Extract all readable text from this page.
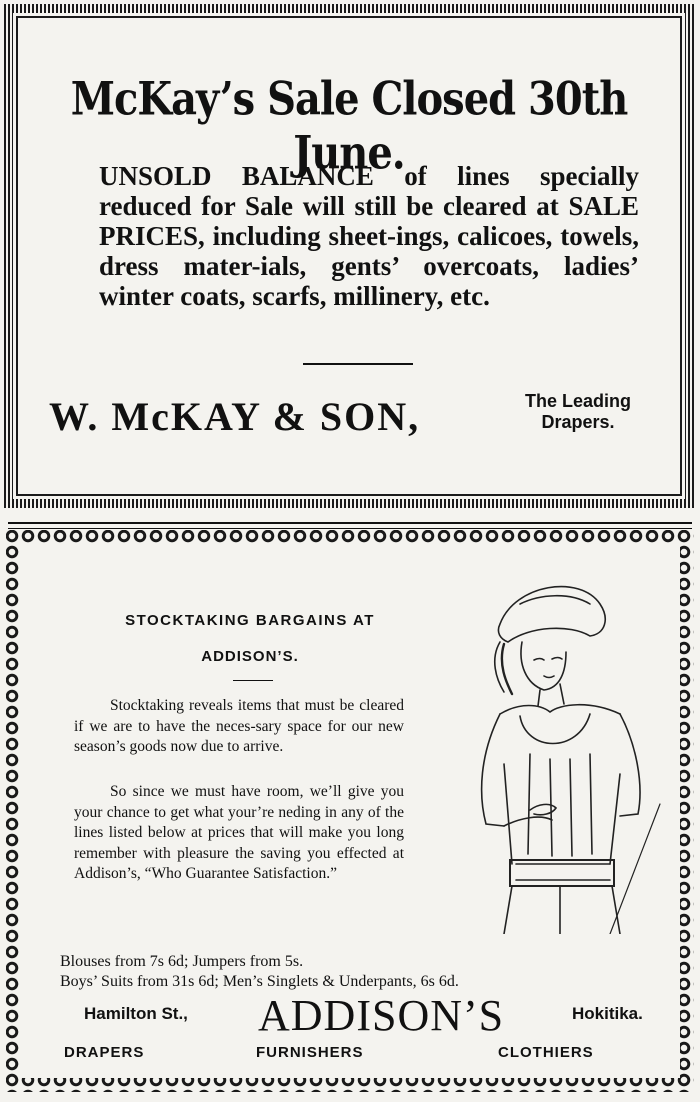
McKay’s Sale Closed 30th June.
UNSOLD BALANCE of lines specially reduced for Sale will still be cleared at SALE PRICES, including sheet-ings, calicoes, towels, dress mater-ials, gents’ overcoats, ladies’ winter coats, scarfs, millinery, etc.
W. McKAY & SON,	The Leading
Drapers.
STOCKTAKING BARGAINS AT
ADDISON’S.
Stocktaking reveals items that must be cleared if we are to have the neces-sary space for our new season’s goods now due to arrive.
So since we must have room, we’ll give you your chance to get what your’re neding in any of the lines listed below at prices that will make you long remember with pleasure the saving you effected at Addison’s, “Who Guarantee Satisfaction.”
Blouses from 7s 6d; Jumpers from 5s.
Boys’ Suits from 31s 6d; Men’s Singlets & Underpants, 6s 6d.
Hamilton St., ADDISON’S	Hokitika.
DRAPERS	FURNISHERS	CLOTHIERS
